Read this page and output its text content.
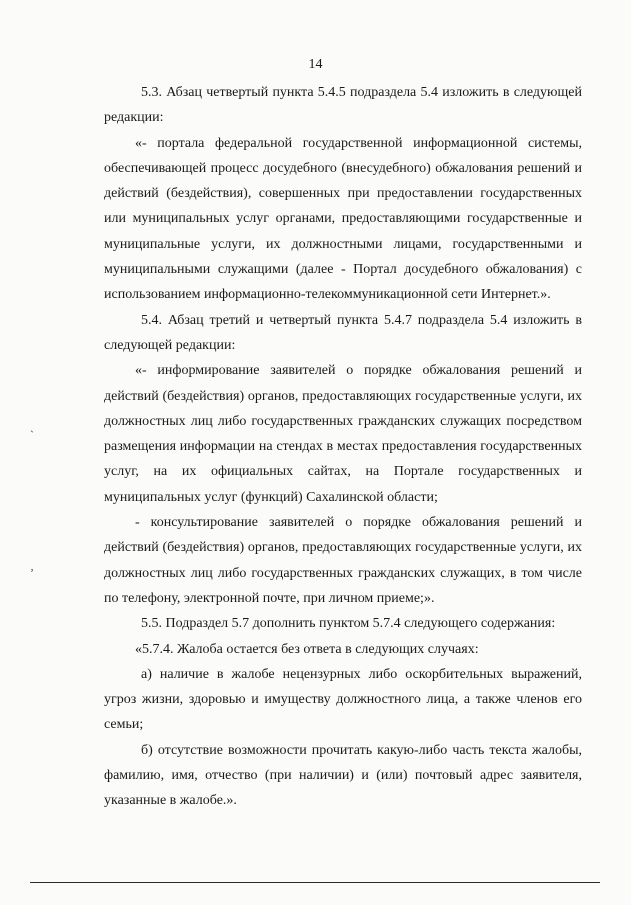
14
ˎ
ʼ

5.3. Абзац четвертый пункта 5.4.5 подраздела 5.4 изложить в следующей редакции:

«- портала федеральной государственной информационной системы, обеспечивающей процесс досудебного (внесудебного) обжалования решений и действий (бездействия), совершенных при предоставлении государственных или муниципальных услуг органами, предоставляющими государственные и муниципальные услуги, их должностными лицами, государственными и муниципальными служащими (далее - Портал досудебного обжалования) с использованием информационно-телекоммуникационной сети Интернет.».

5.4. Абзац третий и четвертый пункта 5.4.7 подраздела 5.4 изложить в следующей редакции:

«- информирование заявителей о порядке обжалования решений и действий (бездействия) органов, предоставляющих государственные услуги, их должностных лиц либо государственных гражданских служащих посредством размещения информации на стендах в местах предоставления государственных услуг, на их официальных сайтах, на Портале государственных и муниципальных услуг (функций) Сахалинской области;

- консультирование заявителей о порядке обжалования решений и действий (бездействия) органов, предоставляющих государственные услуги, их должностных лиц либо государственных гражданских служащих, в том числе по телефону, электронной почте, при личном приеме;».

5.5. Подраздел 5.7 дополнить пунктом 5.7.4 следующего содержания:

«5.7.4. Жалоба остается без ответа в следующих случаях:

а) наличие в жалобе нецензурных либо оскорбительных выражений, угроз жизни, здоровью и имуществу должностного лица, а также членов его семьи;

б) отсутствие возможности прочитать какую-либо часть текста жалобы, фамилию, имя, отчество (при наличии) и (или) почтовый адрес заявителя, указанные в жалобе.».
